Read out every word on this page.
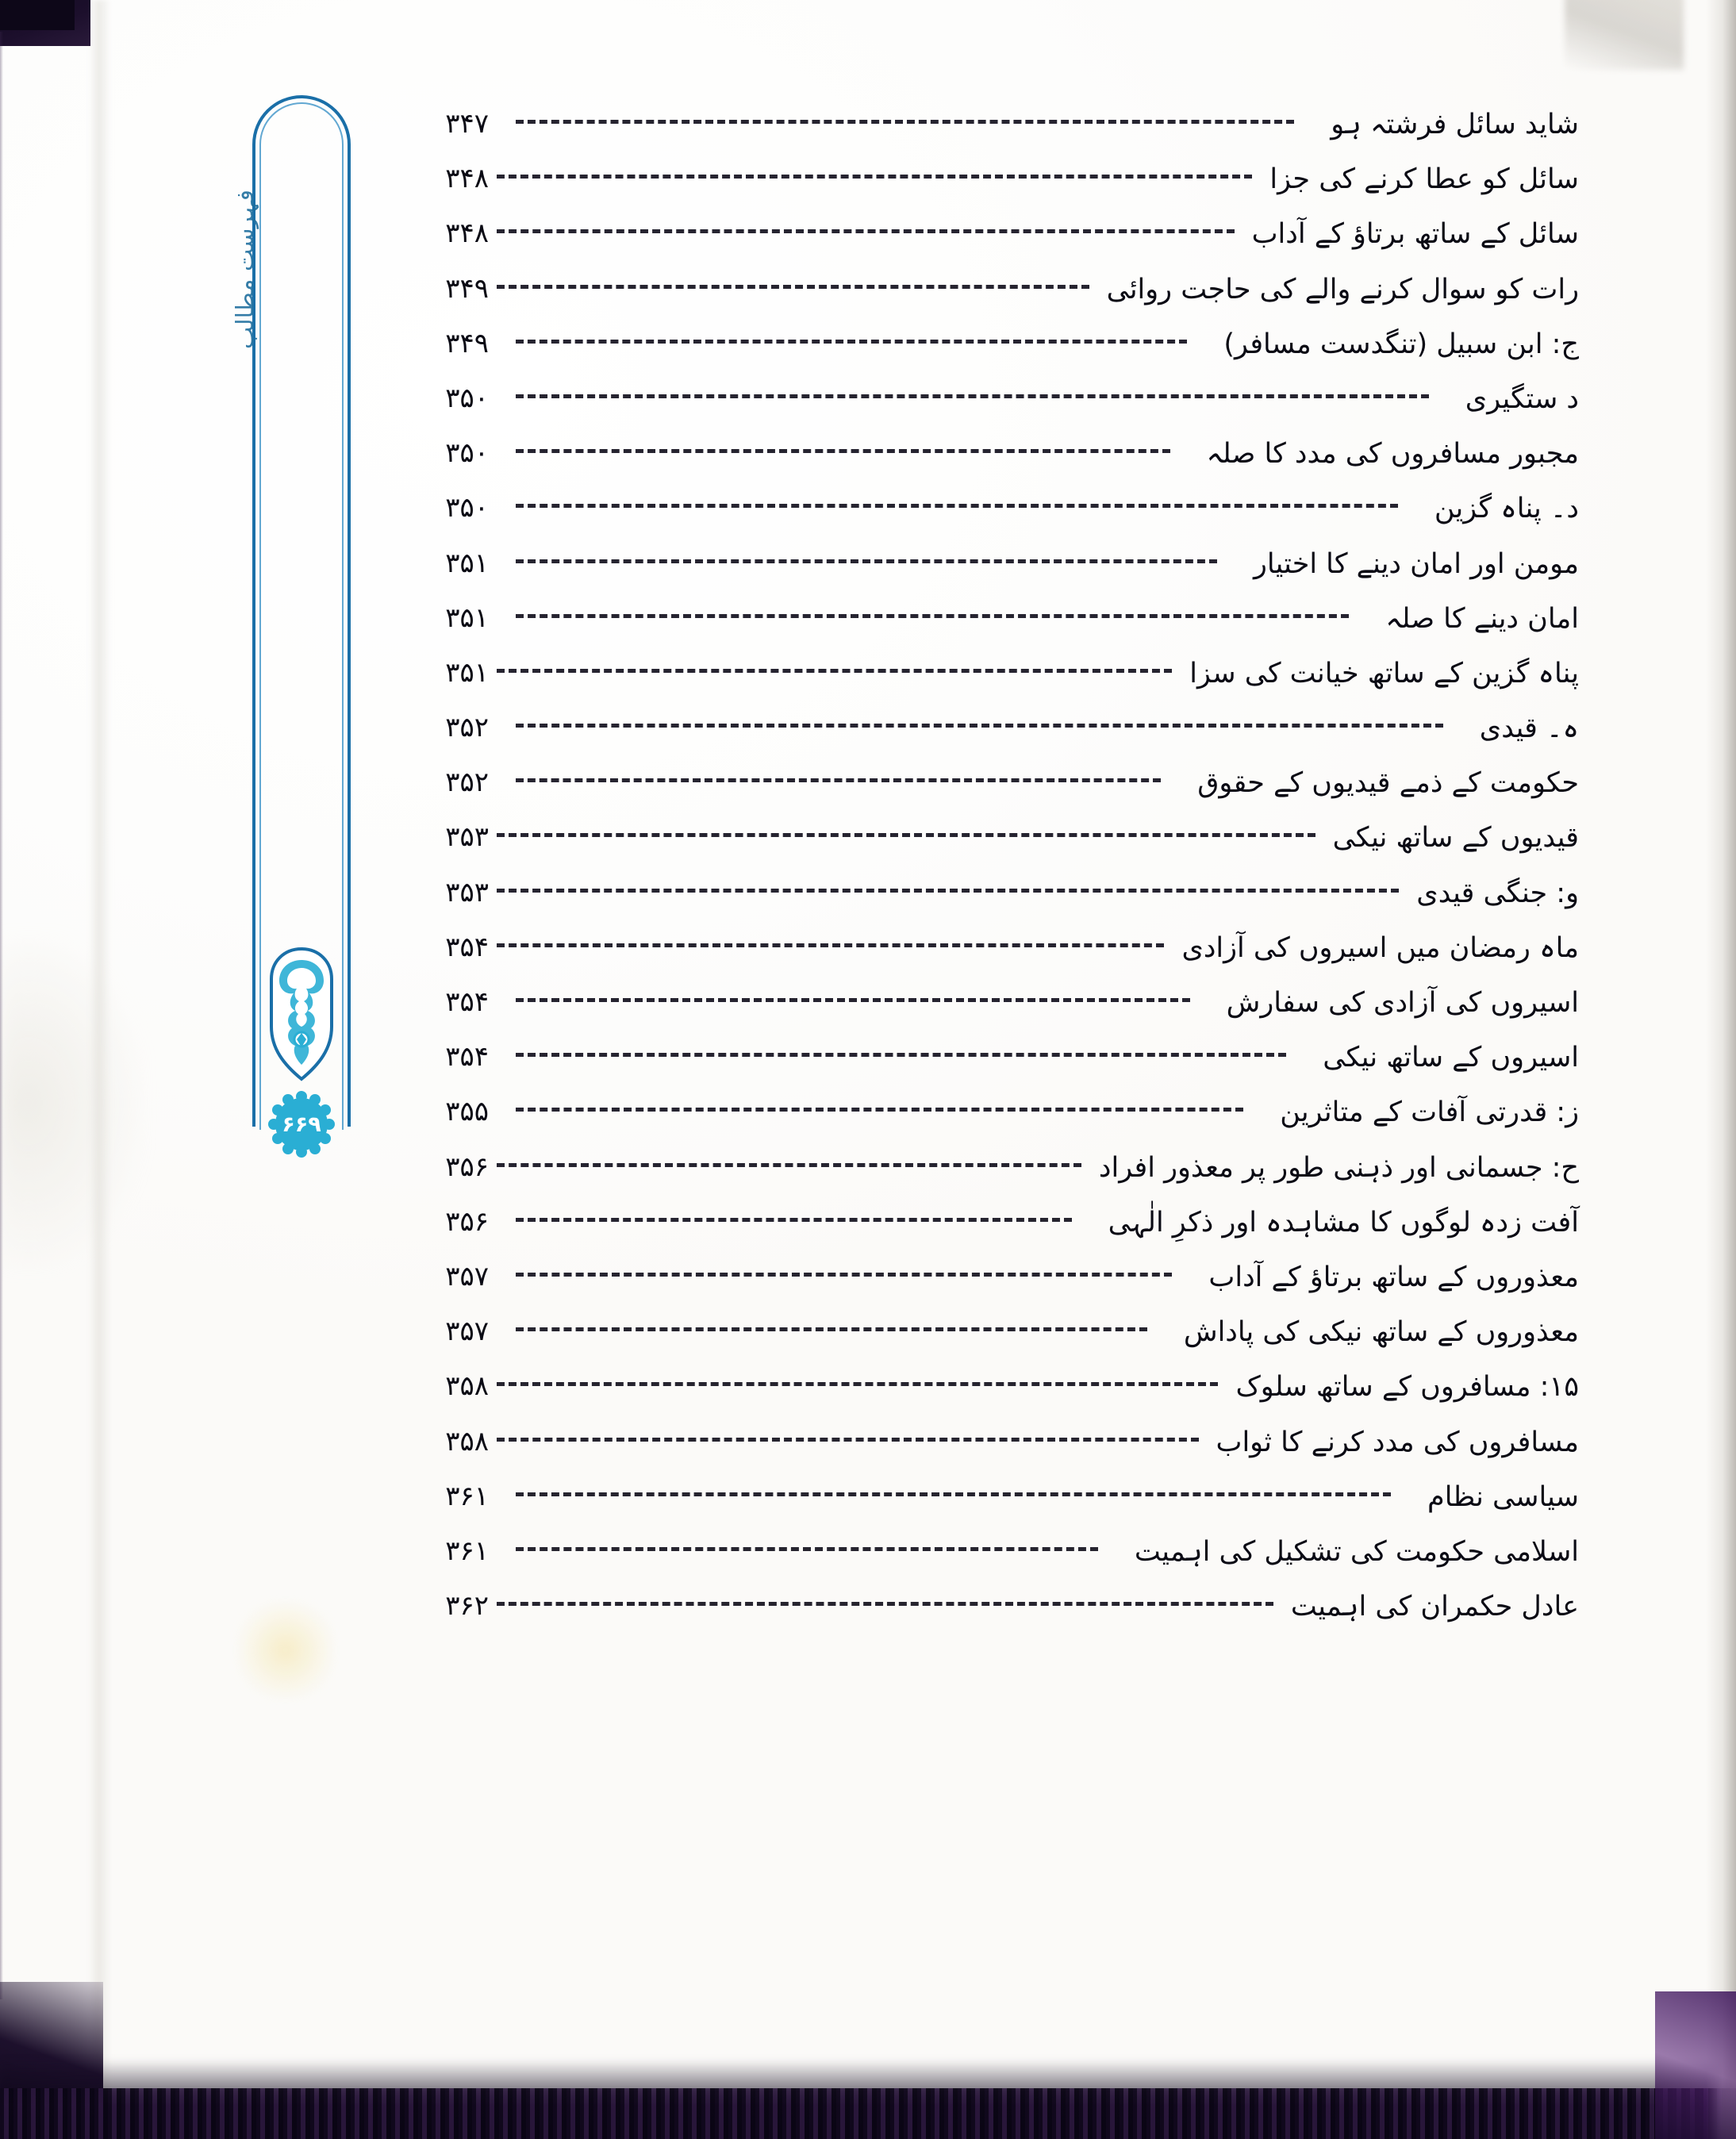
فہرست مطالب
۶۶۹
شاید سائل فرشتہ ہو
۳۴۷
سائل کو عطا کرنے کی جزا
۳۴۸
سائل کے ساتھ برتاؤ کے آداب
۳۴۸
رات کو سوال کرنے والے کی حاجت روائی
۳۴۹
ج: ابن سبیل (تنگدست مسافر)
۳۴۹
د ستگیری
۳۵۰
مجبور مسافروں کی مدد کا صلہ
۳۵۰
د۔ پناہ گزین
۳۵۰
مومن اور امان دینے کا اختیار
۳۵۱
امان دینے کا صلہ
۳۵۱
پناہ گزین کے ساتھ خیانت کی سزا
۳۵۱
ہ۔ قیدی
۳۵۲
حکومت کے ذمے قیدیوں کے حقوق
۳۵۲
قیدیوں کے ساتھ نیکی
۳۵۳
و: جنگی قیدی
۳۵۳
ماہ رمضان میں اسیروں کی آزادی
۳۵۴
اسیروں کی آزادی کی سفارش
۳۵۴
اسیروں کے ساتھ نیکی
۳۵۴
ز: قدرتی آفات کے متاثرین
۳۵۵
ح: جسمانی اور ذہنی طور پر معذور افراد
۳۵۶
آفت زدہ لوگوں کا مشاہدہ اور ذکرِ الٰہی
۳۵۶
معذوروں کے ساتھ برتاؤ کے آداب
۳۵۷
معذوروں کے ساتھ نیکی کی پاداش
۳۵۷
۱۵: مسافروں کے ساتھ سلوک
۳۵۸
مسافروں کی مدد کرنے کا ثواب
۳۵۸
سیاسی نظام
۳۶۱
اسلامی حکومت کی تشکیل کی اہمیت
۳۶۱
عادل حکمران کی اہمیت
۳۶۲
